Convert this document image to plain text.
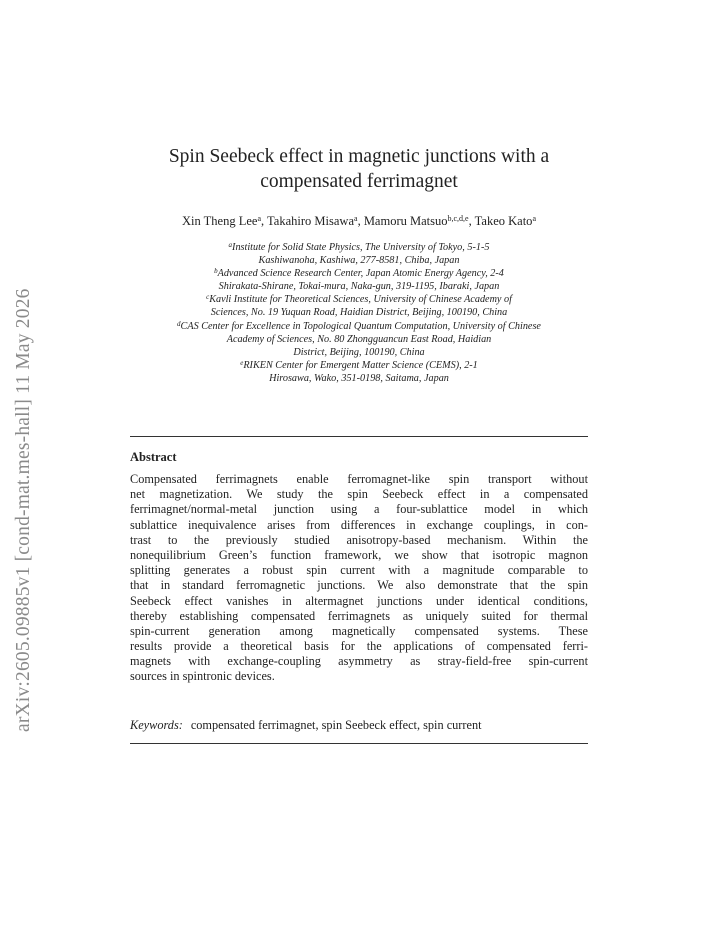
arXiv:2605.09885v1 [cond-mat.mes-hall] 11 May 2026
Spin Seebeck effect in magnetic junctions with a
compensated ferrimagnet
Xin Theng Lee$^a$, Takahiro Misawa$^a$, Mamoru Matsuo$^{b,c,d,e}$, Takeo Kato$^a$
$^a$Institute for Solid State Physics, The University of Tokyo, 5-1-5
Kashiwanoha, Kashiwa, 277-8581, Chiba, Japan
$^b$Advanced Science Research Center, Japan Atomic Energy Agency, 2-4
Shirakata-Shirane, Tokai-mura, Naka-gun, 319-1195, Ibaraki, Japan
$^c$Kavli Institute for Theoretical Sciences, University of Chinese Academy of
Sciences, No. 19 Yuquan Road, Haidian District, Beijing, 100190, China
$^d$CAS Center for Excellence in Topological Quantum Computation, University of Chinese
Academy of Sciences, No. 80 Zhongguancun East Road, Haidian
District, Beijing, 100190, China
$^e$RIKEN Center for Emergent Matter Science (CEMS), 2-1
Hirosawa, Wako, 351-0198, Saitama, Japan
Abstract
Compensated ferrimagnets enable ferromagnet-like spin transport without
net magnetization. We study the spin Seebeck effect in a compensated
ferrimagnet/normal-metal junction using a four-sublattice model in which
sublattice inequivalence arises from differences in exchange couplings, in con-
trast to the previously studied anisotropy-based mechanism. Within the
nonequilibrium Green’s function framework, we show that isotropic magnon
splitting generates a robust spin current with a magnitude comparable to
that in standard ferromagnetic junctions. We also demonstrate that the spin
Seebeck effect vanishes in altermagnet junctions under identical conditions,
thereby establishing compensated ferrimagnets as uniquely suited for thermal
spin-current generation among magnetically compensated systems. These
results provide a theoretical basis for the applications of compensated ferri-
magnets with exchange-coupling asymmetry as stray-field-free spin-current
sources in spintronic devices.
Keywords: compensated ferrimagnet, spin Seebeck effect, spin current
